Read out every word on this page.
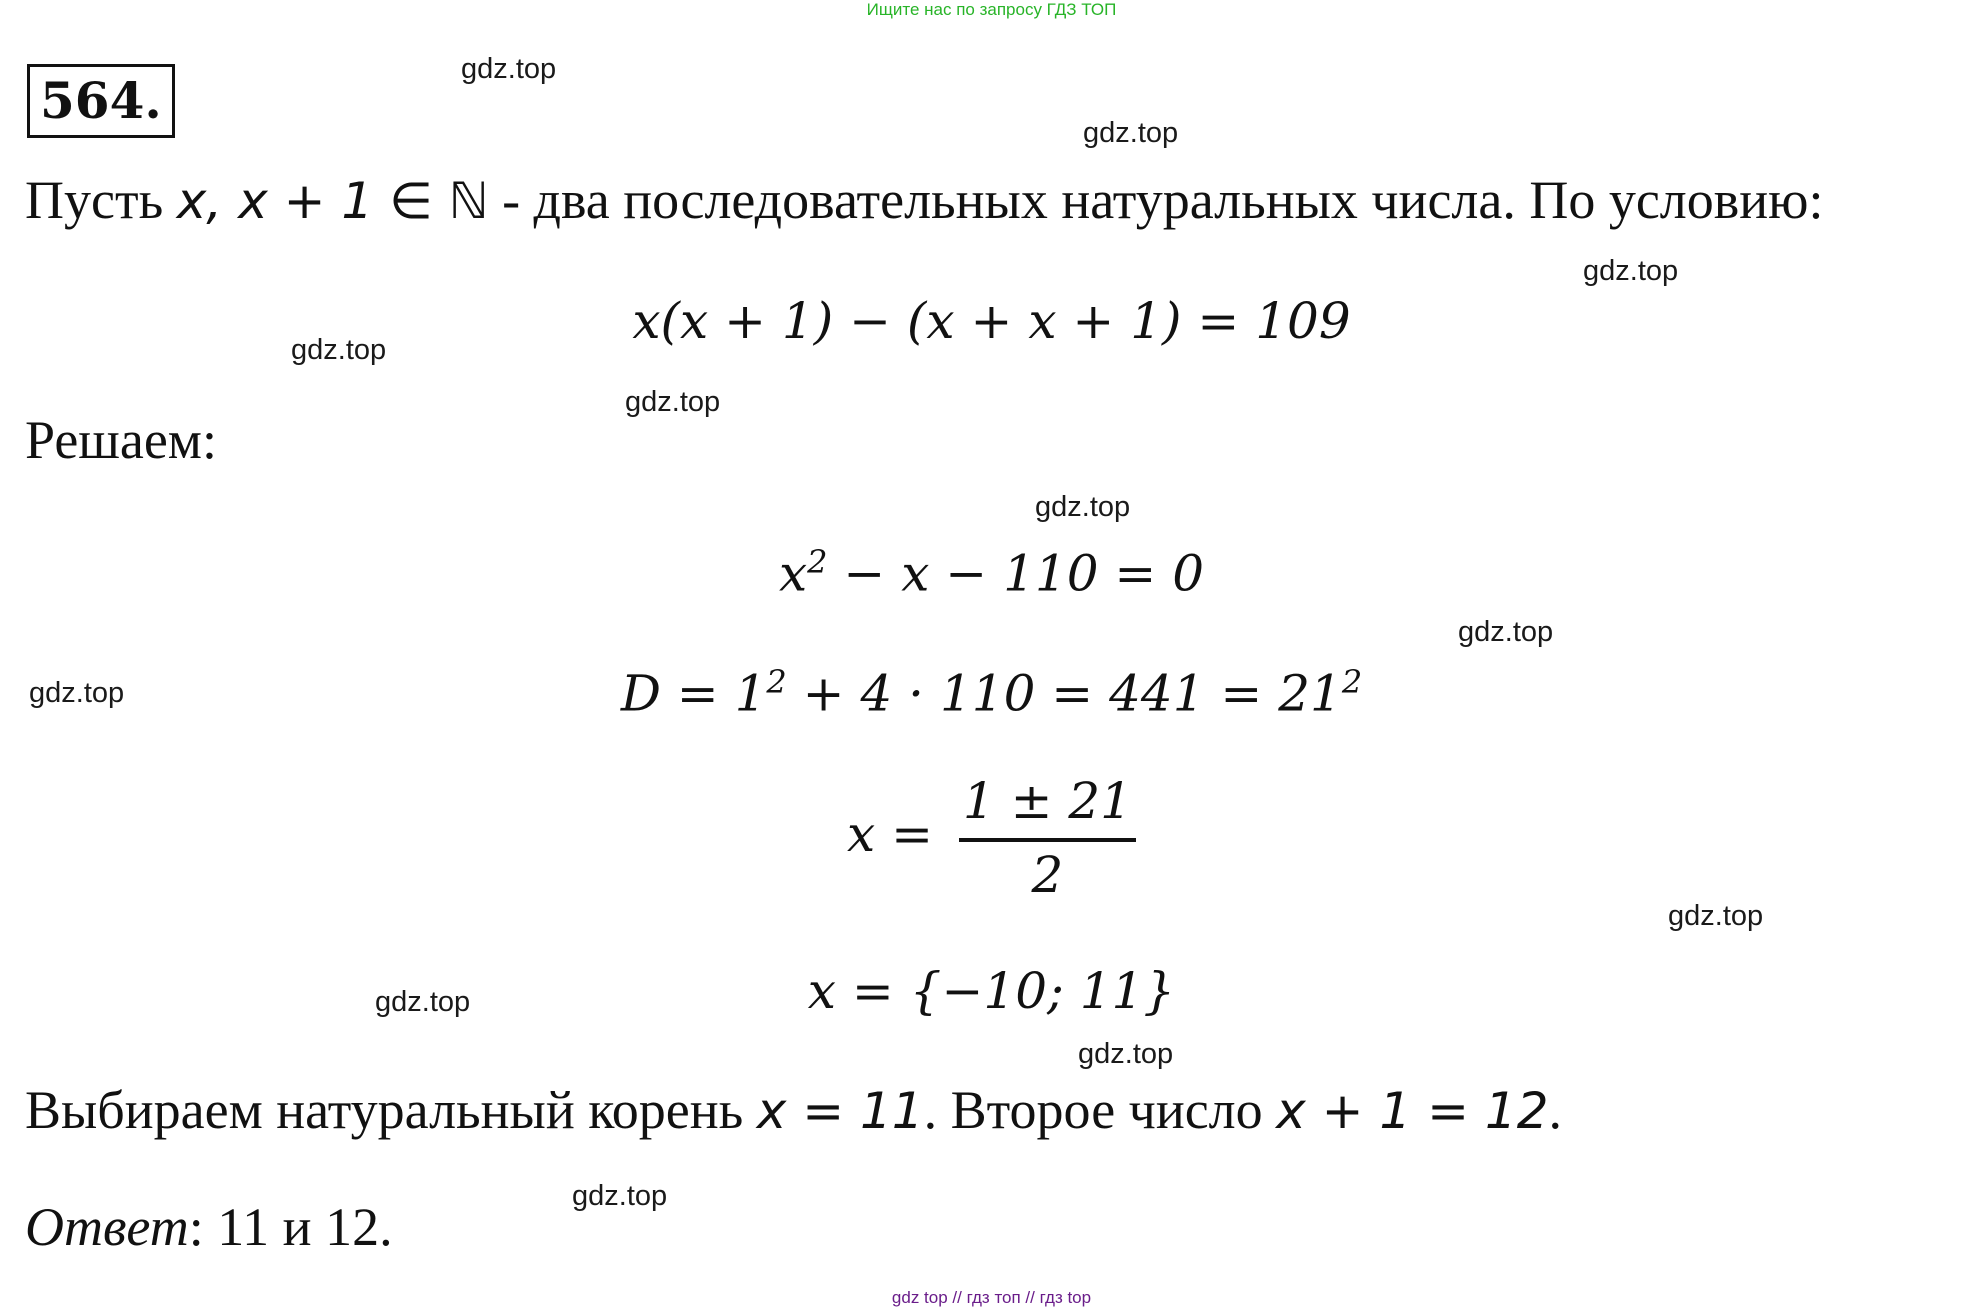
Ищите нас по запросу ГДЗ ТОП
564.
gdz.top
gdz.top
gdz.top
gdz.top
gdz.top
gdz.top
gdz.top
gdz.top
gdz.top
gdz.top
gdz.top
gdz.top
Пусть x, x + 1 ∈ ℕ - два последовательных натуральных числа. По условию:
x(x + 1) − (x + x + 1) = 109
Решаем:
$x^2 - x - 110 = 0$
$D = 1^2 + 4 \cdot 110 = 441 = 21^2$
$x = \frac{1 \pm 21}{2}$
x = {−10; 11}
Выбираем натуральный корень x = 11. Второе число x + 1 = 12.
Ответ: 11 и 12.
gdz top // гдз топ // гдз top
